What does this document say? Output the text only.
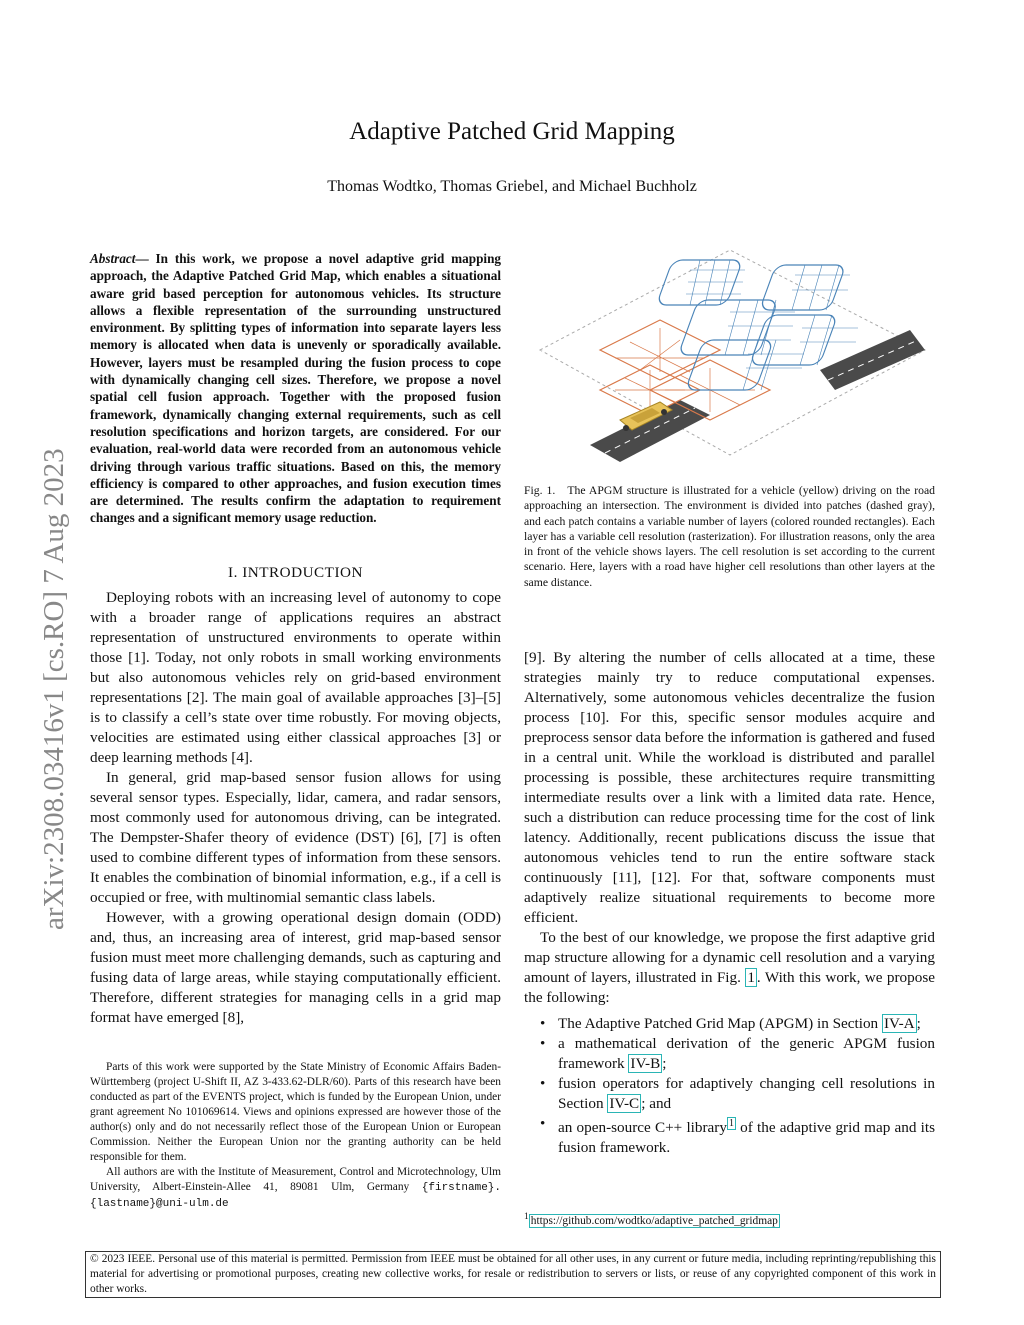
Adaptive Patched Grid Mapping
Thomas Wodtko, Thomas Griebel, and Michael Buchholz
arXiv:2308.03416v1 [cs.RO] 7 Aug 2023
Abstract— In this work, we propose a novel adaptive grid mapping approach, the Adaptive Patched Grid Map, which enables a situational aware grid based perception for autonomous vehicles. Its structure allows a flexible representation of the surrounding unstructured environment. By splitting types of information into separate layers less memory is allocated when data is unevenly or sporadically available. However, layers must be resampled during the fusion process to cope with dynamically changing cell sizes. Therefore, we propose a novel spatial cell fusion approach. Together with the proposed fusion framework, dynamically changing external requirements, such as cell resolution specifications and horizon targets, are considered. For our evaluation, real-world data were recorded from an autonomous vehicle driving through various traffic situations. Based on this, the memory efficiency is compared to other approaches, and fusion execution times are determined. The results confirm the adaptation to requirement changes and a significant memory usage reduction.
I. INTRODUCTION

Deploying robots with an increasing level of autonomy to cope with a broader range of applications requires an abstract representation of unstructured environments to operate within those [1]. Today, not only robots in small working environments but also autonomous vehicles rely on grid-based environment representations [2]. The main goal of available approaches [3]–[5] is to classify a cell’s state over time robustly. For moving objects, velocities are estimated using either classical approaches [3] or deep learning methods [4].

In general, grid map-based sensor fusion allows for using several sensor types. Especially, lidar, camera, and radar sensors, most commonly used for autonomous driving, can be integrated. The Dempster-Shafer theory of evidence (DST) [6], [7] is often used to combine different types of information from these sensors. It enables the combination of binomial information, e.g., if a cell is occupied or free, with multinomial semantic class labels.

However, with a growing operational design domain (ODD) and, thus, an increasing area of interest, grid map-based sensor fusion must meet more challenging demands, such as capturing and fusing data of large areas, while staying computationally efficient. Therefore, different strategies for managing cells in a grid map format have emerged [8],

Parts of this work were supported by the State Ministry of Economic Affairs Baden-Württemberg (project U-Shift II, AZ 3-433.62-DLR/60). Parts of this research have been conducted as part of the EVENTS project, which is funded by the European Union, under grant agreement No 101069614. Views and opinions expressed are however those of the author(s) only and do not necessarily reflect those of the European Union or European Commission. Neither the European Union nor the granting authority can be held responsible for them.

All authors are with the Institute of Measurement, Control and Microtechnology, Ulm University, Albert-Einstein-Allee 41, 89081 Ulm, Germany {firstname}.{lastname}@uni-ulm.de

Fig. 1. The APGM structure is illustrated for a vehicle (yellow) driving on the road approaching an intersection. The environment is divided into patches (dashed gray), and each patch contains a variable number of layers (colored rounded rectangles). Each layer has a variable cell resolution (rasterization). For illustration reasons, only the area in front of the vehicle shows layers. The cell resolution is set according to the current scenario. Here, layers with a road have higher cell resolutions than other layers at the same distance.

[9]. By altering the number of cells allocated at a time, these strategies mainly try to reduce computational expenses. Alternatively, some autonomous vehicles decentralize the fusion process [10]. For this, specific sensor modules acquire and preprocess sensor data before the information is gathered and fused in a central unit. While the workload is distributed and parallel processing is possible, these architectures require transmitting intermediate results over a link with a limited data rate. Hence, such a distribution can reduce processing time for the cost of link latency. Additionally, recent publications discuss the issue that autonomous vehicles tend to run the entire software stack continuously [11], [12]. For that, software components must adaptively realize situational requirements to become more efficient.

To the best of our knowledge, we propose the first adaptive grid map structure allowing for a dynamic cell resolution and a varying amount of layers, illustrated in Fig. 1 . With this work, we propose the following:

• The Adaptive Patched Grid Map (APGM) in Section IV-A ;
• a mathematical derivation of the generic APGM fusion framework IV-B ;
• fusion operators for adaptively changing cell resolutions in Section IV-C ; and
• an open-source C++ library $^1$ of the adaptive grid map and its fusion framework.
$^1$ https://github.com/wodtko/adaptive_patched_gridmap
© 2023 IEEE. Personal use of this material is permitted. Permission from IEEE must be obtained for all other uses, in any current or future media, including reprinting/republishing this material for advertising or promotional purposes, creating new collective works, for resale or redistribution to servers or lists, or reuse of any copyrighted component of this work in other works.
